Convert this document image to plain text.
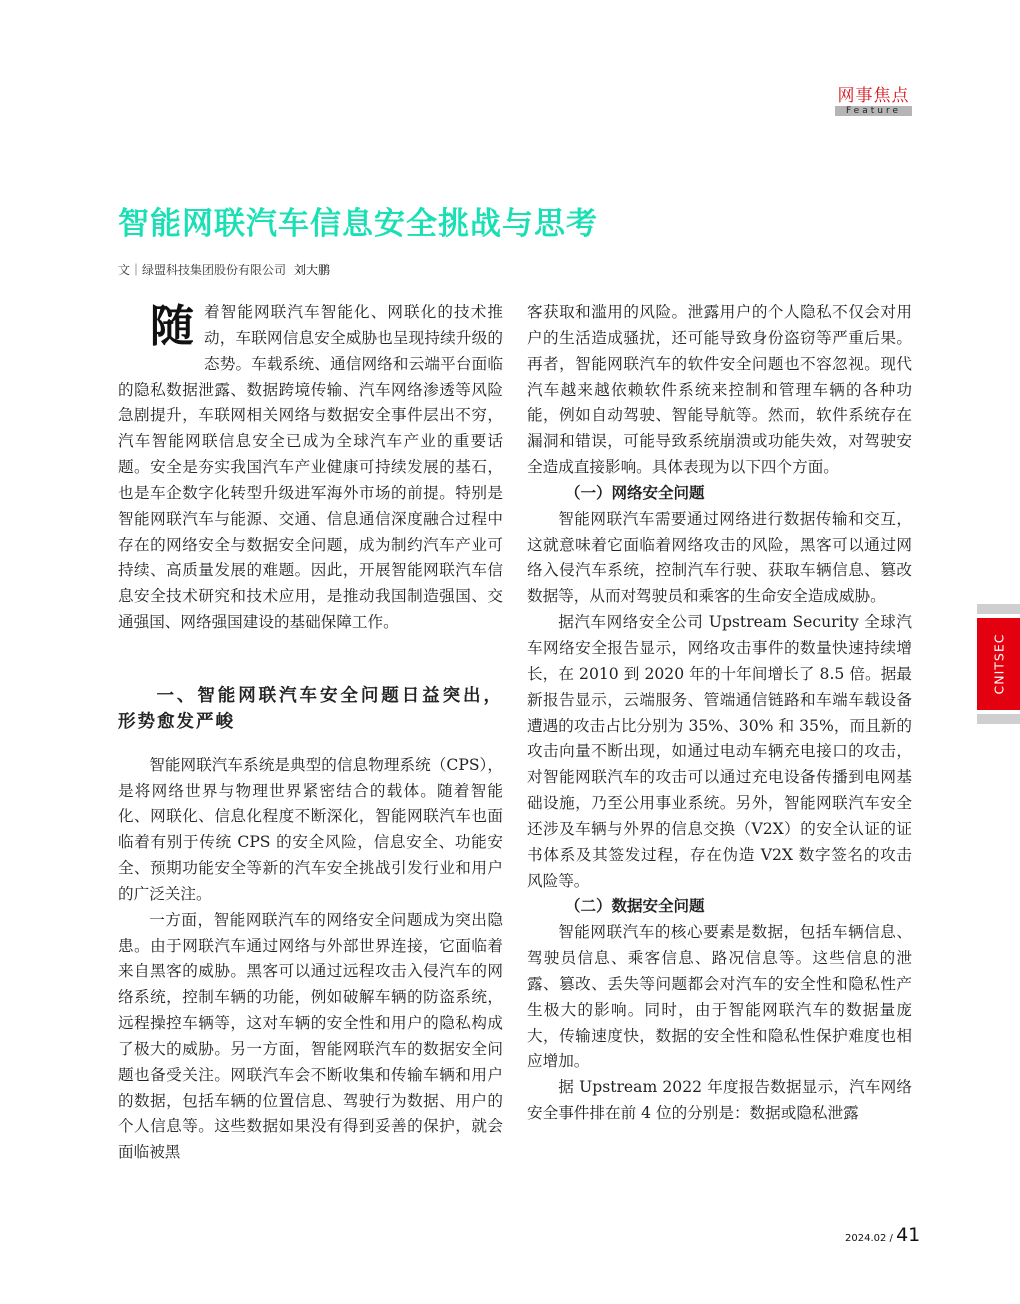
网事焦点
Feature
智能网联汽车信息安全挑战与思考
文｜绿盟科技集团股份有限公司 刘大鹏

随着智能网联汽车智能化、网联化的技术推动，车联网信息安全威胁也呈现持续升级的态势。车载系统、通信网络和云端平台面临的隐私数据泄露、数据跨境传输、汽车网络渗透等风险急剧提升，车联网相关网络与数据安全事件层出不穷，汽车智能网联信息安全已成为全球汽车产业的重要话题。安全是夯实我国汽车产业健康可持续发展的基石，也是车企数字化转型升级进军海外市场的前提。特别是智能网联汽车与能源、交通、信息通信深度融合过程中存在的网络安全与数据安全问题，成为制约汽车产业可持续、高质量发展的难题。因此，开展智能网联汽车信息安全技术研究和技术应用，是推动我国制造强国、交通强国、网络强国建设的基础保障工作。

一、智能网联汽车安全问题日益突出，形势愈发严峻

智能网联汽车系统是典型的信息物理系统（CPS），是将网络世界与物理世界紧密结合的载体。随着智能化、网联化、信息化程度不断深化，智能网联汽车也面临着有别于传统 CPS 的安全风险，信息安全、功能安全、预期功能安全等新的汽车安全挑战引发行业和用户的广泛关注。

一方面，智能网联汽车的网络安全问题成为突出隐患。由于网联汽车通过网络与外部世界连接，它面临着来自黑客的威胁。黑客可以通过远程攻击入侵汽车的网络系统，控制车辆的功能，例如破解车辆的防盗系统，远程操控车辆等，这对车辆的安全性和用户的隐私构成了极大的威胁。另一方面，智能网联汽车的数据安全问题也备受关注。网联汽车会不断收集和传输车辆和用户的数据，包括车辆的位置信息、驾驶行为数据、用户的个人信息等。这些数据如果没有得到妥善的保护，就会面临被黑

客获取和滥用的风险。泄露用户的个人隐私不仅会对用户的生活造成骚扰，还可能导致身份盗窃等严重后果。再者，智能网联汽车的软件安全问题也不容忽视。现代汽车越来越依赖软件系统来控制和管理车辆的各种功能，例如自动驾驶、智能导航等。然而，软件系统存在漏洞和错误，可能导致系统崩溃或功能失效，对驾驶安全造成直接影响。具体表现为以下四个方面。

（一）网络安全问题

智能网联汽车需要通过网络进行数据传输和交互，这就意味着它面临着网络攻击的风险，黑客可以通过网络入侵汽车系统，控制汽车行驶、获取车辆信息、篡改数据等，从而对驾驶员和乘客的生命安全造成威胁。

据汽车网络安全公司 Upstream Security 全球汽车网络安全报告显示，网络攻击事件的数量快速持续增长，在 2010 到 2020 年的十年间增长了 8.5 倍。据最新报告显示，云端服务、管端通信链路和车端车载设备遭遇的攻击占比分别为 35%、30% 和 35%，而且新的攻击向量不断出现，如通过电动车辆充电接口的攻击，对智能网联汽车的攻击可以通过充电设备传播到电网基础设施，乃至公用事业系统。另外，智能网联汽车安全还涉及车辆与外界的信息交换（V2X）的安全认证的证书体系及其签发过程，存在伪造 V2X 数字签名的攻击风险等。

（二）数据安全问题

智能网联汽车的核心要素是数据，包括车辆信息、驾驶员信息、乘客信息、路况信息等。这些信息的泄露、篡改、丢失等问题都会对汽车的安全性和隐私性产生极大的影响。同时，由于智能网联汽车的数据量庞大，传输速度快，数据的安全性和隐私性保护难度也相应增加。

据 Upstream 2022 年度报告数据显示，汽车网络安全事件排在前 4 位的分别是：数据或隐私泄露

CNITSEC
2024.02 / 41
